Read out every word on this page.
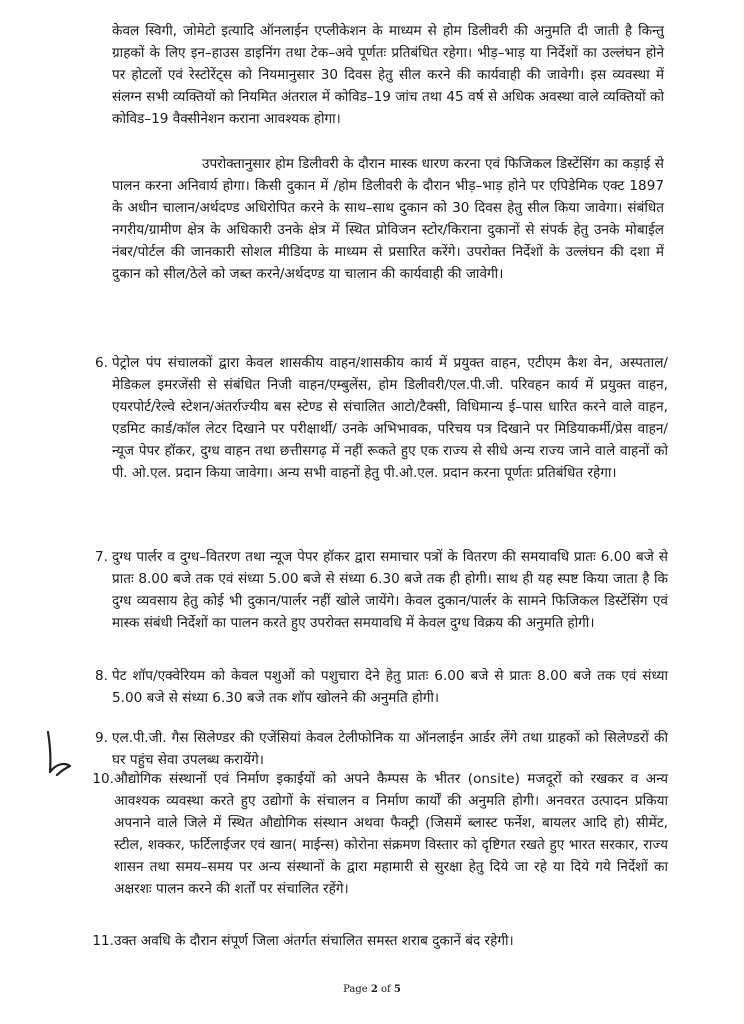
केवल स्विगी, जोमेटो इत्यादि ऑनलाईन एप्लीकेशन के माध्यम से होम डिलीवरी की अनुमति दी जाती है किन्तु ग्राहकों के लिए इन–हाउस डाइनिंग तथा टेक–अवे पूर्णतः प्रतिबंधित रहेगा। भीड़–भाड़ या निर्देशों का उल्लंघन होने पर होटलों एवं रेस्टोरेंट्स को नियमानुसार 30 दिवस हेतु सील करने की कार्यवाही की जावेगी। इस व्यवस्था में संलग्न सभी व्यक्तियों को नियमित अंतराल में कोविड–19 जांच तथा 45 वर्ष से अधिक अवस्था वाले व्यक्तियों को कोविड–19 वैक्सीनेशन कराना आवश्यक होगा।

उपरोक्तानुसार होम डिलीवरी के दौरान मास्क धारण करना एवं फिजिकल डिस्टेंसिंग का कड़ाई से पालन करना अनिवार्य होगा। किसी दुकान में /होम डिलीवरी के दौरान भीड़–भाड़ होने पर एपिडेमिक एक्ट 1897 के अधीन चालान/अर्थदण्ड अधिरोपित करने के साथ–साथ दुकान को 30 दिवस हेतु सील किया जावेगा। संबंधित नगरीय/ग्रामीण क्षेत्र के अधिकारी उनके क्षेत्र में स्थित प्रोविजन स्टोर/किराना दुकानों से संपर्क हेतु उनके मोबाईल नंबर/पोर्टल की जानकारी सोशल मीडिया के माध्यम से प्रसारित करेंगे। उपरोक्त निर्देशों के उल्लंघन की दशा में दुकान को सील/ठेले को जब्त करने/अर्थदण्ड या चालान की कार्यवाही की जावेगी।

6. पेट्रोल पंप संचालकों द्वारा केवल शासकीय वाहन/शासकीय कार्य में प्रयुक्त वाहन, एटीएम कैश वेन, अस्पताल/मेडिकल इमरजेंसी से संबंधित निजी वाहन/एम्बुलेंस, होम डिलीवरी/एल.पी.जी. परिवहन कार्य में प्रयुक्त वाहन, एयरपोर्ट/रेल्वे स्टेशन/अंतर्राज्यीय बस स्टेण्ड से संचालित आटो/टैक्सी, विधिमान्य ई–पास धारित करने वाले वाहन, एडमिट कार्ड/कॉल लेटर दिखाने पर परीक्षार्थी/ उनके अभिभावक, परिचय पत्र दिखाने पर मिडियाकर्मी/प्रेस वाहन/न्यूज पेपर हॉकर, दुग्ध वाहन तथा छत्तीसगढ़ में नहीं रूकते हुए एक राज्य से सीधे अन्य राज्य जाने वाले वाहनों को पी. ओ.एल. प्रदान किया जावेगा। अन्य सभी वाहनों हेतु पी.ओ.एल. प्रदान करना पूर्णतः प्रतिबंधित रहेगा।

7. दुग्ध पार्लर व दुग्ध–वितरण तथा न्यूज पेपर हॉकर द्वारा समाचार पत्रों के वितरण की समयावधि प्रातः 6.00 बजे से प्रातः 8.00 बजे तक एवं संध्या 5.00 बजे से संध्या 6.30 बजे तक ही होगी। साथ ही यह स्पष्ट किया जाता है कि दुग्ध व्यवसाय हेतु कोई भी दुकान/पार्लर नहीं खोले जायेंगे। केवल दुकान/पार्लर के सामने फिजिकल डिस्टेंसिंग एवं मास्क संबंधी निर्देशों का पालन करते हुए उपरोक्त समयावधि में केवल दुग्ध विक्रय की अनुमति होगी।

8. पेट शॉप/एक्वेरियम को केवल पशुओं को पशुचारा देने हेतु प्रातः 6.00 बजे से प्रातः 8.00 बजे तक एवं संध्या 5.00 बजे से संध्या 6.30 बजे तक शॉप खोलने की अनुमति होगी।

9. एल.पी.जी. गैस सिलेण्डर की एजेंसियां केवल टेलीफोनिक या ऑनलाईन आर्डर लेंगे तथा ग्राहकों को सिलेण्डरों की घर पहुंच सेवा उपलब्ध करायेंगे।

10. औद्योगिक संस्थानों एवं निर्माण इकाईयों को अपने कैम्पस के भीतर (onsite) मजदूरों को रखकर व अन्य आवश्यक व्यवस्था करते हुए उद्योगों के संचालन व निर्माण कार्यों की अनुमति होगी। अनवरत उत्पादन प्रकिया अपनाने वाले जिले में स्थित औद्योगिक संस्थान अथवा फैक्ट्री (जिसमें ब्लास्ट फर्नेश, बायलर आदि हो) सीमेंट, स्टील, शक्कर, फर्टिलाईजर एवं खान( माईन्स) कोरोना संक्रमण विस्तार को दृष्टिगत रखते हुए भारत सरकार, राज्य शासन तथा समय–समय पर अन्य संस्थानों के द्वारा महामारी से सुरक्षा हेतु दिये जा रहे या दिये गये निर्देशों का अक्षरशः पालन करने की शर्तों पर संचालित रहेंगे।

11. उक्त अवधि के दौरान संपूर्ण जिला अंतर्गत संचालित समस्त शराब दुकानें बंद रहेगी।

Page 2 of 5
